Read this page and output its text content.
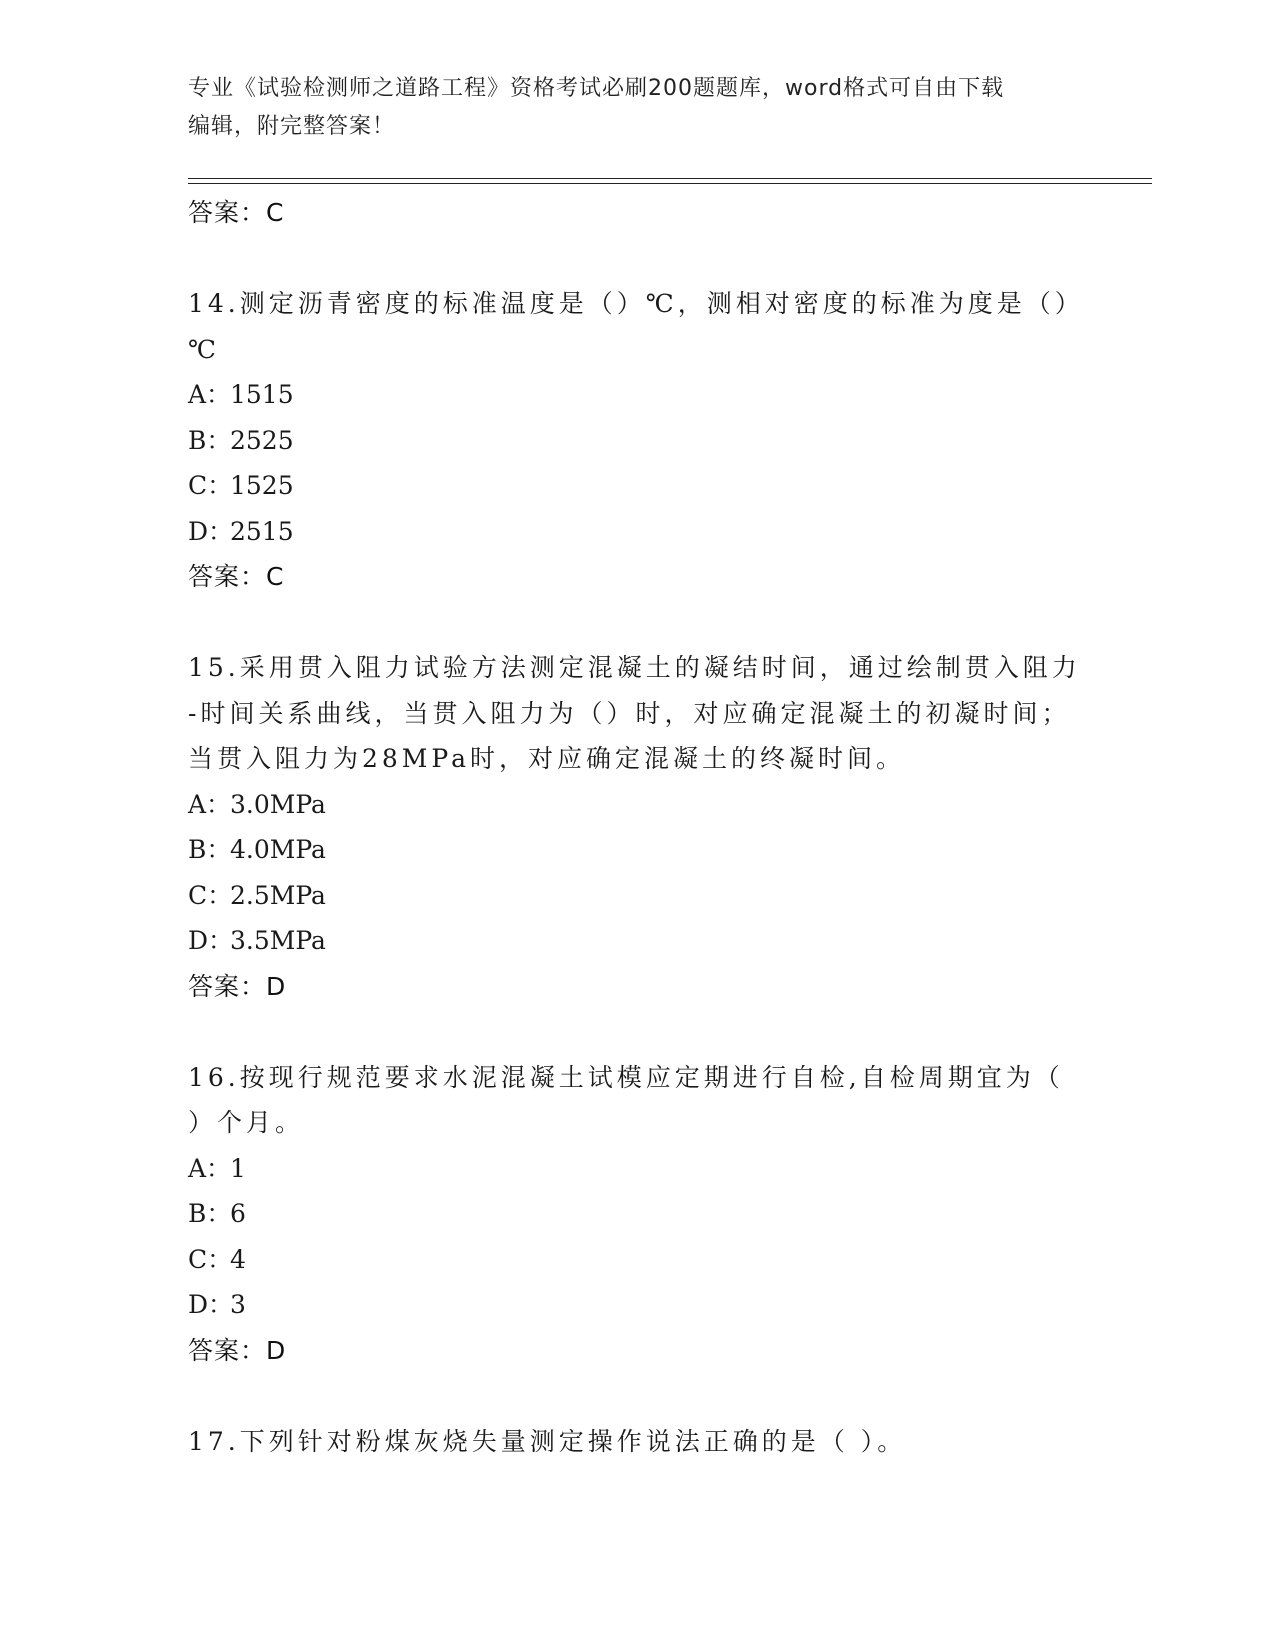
专业《试验检测师之道路工程》资格考试必刷200题题库，word格式可自由下载
编辑，附完整答案！
答案：C
14.测定沥青密度的标准温度是（）℃，测相对密度的标准为度是（）
℃
A：1515
B：2525
C：1525
D：2515
答案：C
15.采用贯入阻力试验方法测定混凝土的凝结时间，通过绘制贯入阻力
-时间关系曲线，当贯入阻力为（）时，对应确定混凝土的初凝时间；
当贯入阻力为28MPa时，对应确定混凝土的终凝时间。
A：3.0MPa
B：4.0MPa
C：2.5MPa
D：3.5MPa
答案：D
16.按现行规范要求水泥混凝土试模应定期进行自检,自检周期宜为（
）个月。
A：1
B：6
C：4
D：3
答案：D
17.下列针对粉煤灰烧失量测定操作说法正确的是（ ）。
